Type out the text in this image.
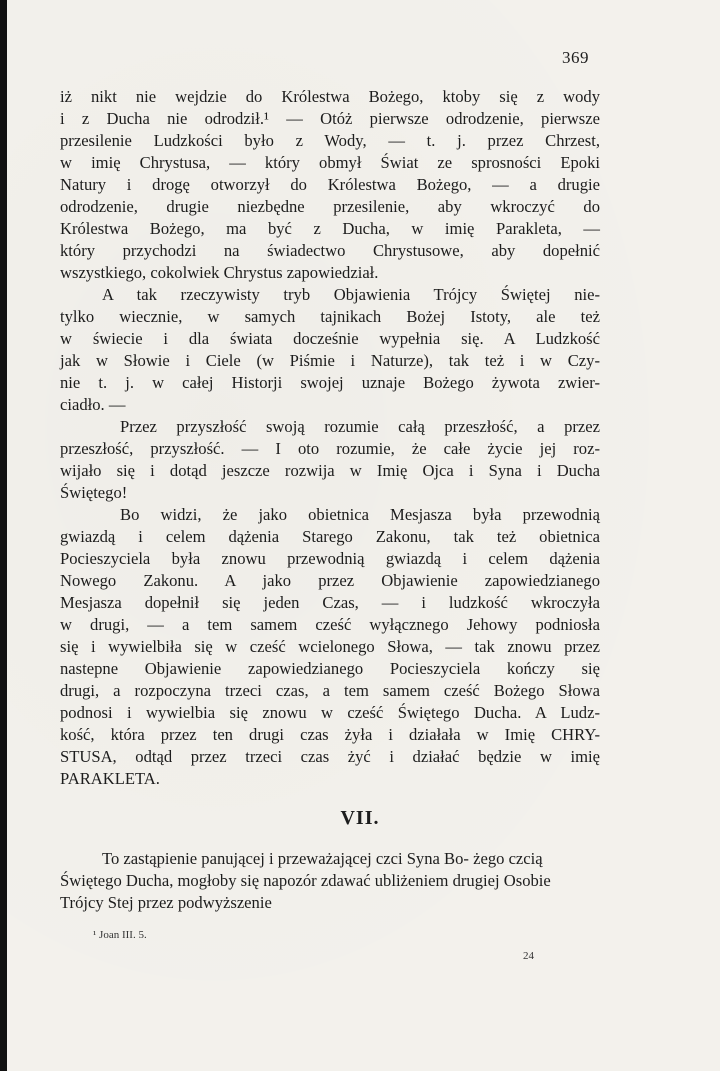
369
iż nikt nie wejdzie do Królestwa Bożego, ktoby się z wody
i z Ducha nie odrodził.¹ — Otóż pierwsze odrodzenie, pierwsze
przesilenie Ludzkości było z Wody, — t. j. przez Chrzest,
w imię Chrystusa, — który obmył Świat ze sprosności Epoki
Natury i drogę otworzył do Królestwa Bożego, — a drugie
odrodzenie, drugie niezbędne przesilenie, aby wkroczyć do
Królestwa Bożego, ma być z Ducha, w imię Parakleta, —
który przychodzi na świadectwo Chrystusowe, aby dopełnić
wszystkiego, cokolwiek Chrystus zapowiedział.
A tak rzeczywisty tryb Objawienia Trójcy Świętej nie-
tylko wiecznie, w samych tajnikach Bożej Istoty, ale też
w świecie i dla świata docześnie wypełnia się. A Ludzkość
jak w Słowie i Ciele (w Piśmie i Naturze), tak też i w Czy-
nie t. j. w całej Historji swojej uznaje Bożego żywota zwier-
ciadło. —
Przez przyszłość swoją rozumie całą przeszłość, a przez
przeszłość, przyszłość. — I oto rozumie, że całe życie jej roz-
wijało się i dotąd jeszcze rozwija w Imię Ojca i Syna i Ducha
Świętego!
Bo widzi, że jako obietnica Mesjasza była przewodnią
gwiazdą i celem dążenia Starego Zakonu, tak też obietnica
Pocieszyciela była znowu przewodnią gwiazdą i celem dążenia
Nowego Zakonu. A jako przez Objawienie zapowiedzianego
Mesjasza dopełnił się jeden Czas, — i ludzkość wkroczyła
w drugi, — a tem samem cześć wyłącznego Jehowy podniosła
się i wywielbiła się w cześć wcielonego Słowa, — tak znowu przez
nastepne Objawienie zapowiedzianego Pocieszyciela kończy się
drugi, a rozpoczyna trzeci czas, a tem samem cześć Bożego Słowa
podnosi i wywielbia się znowu w cześć Świętego Ducha. A Ludz-
kość, która przez ten drugi czas żyła i działała w Imię CHRY-
STUSA, odtąd przez trzeci czas żyć i działać będzie w imię
PARAKLETA.
VII.
To zastąpienie panującej i przeważającej czci Syna Bo- żego czcią Świętego Ducha, mogłoby się napozór zdawać ubliżeniem drugiej Osobie Trójcy Stej przez podwyższenie
¹ Joan III. 5.
24
